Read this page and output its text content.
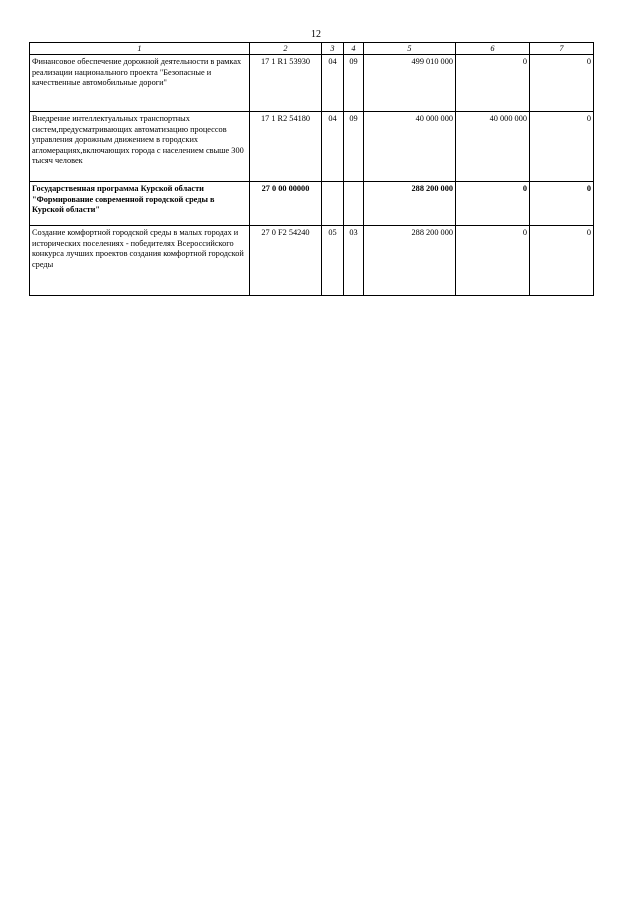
12
1	2	3	4	5	6	7
Финансовое обеспечение дорожной деятельности в рамках реализации национального проекта "Безопасные и качественные автомобильные дороги"	17 1 R1 53930	04	09	499 010 000	0	0
Внедрение интеллектуальных транспортных систем,предусматривающих автоматизацию процессов управления дорожным движением в городских агломерациях,включающих города с населением свыше 300 тысяч человек	17 1 R2 54180	04	09	40 000 000	40 000 000	0
Государственная программа Курской области "Формирование современной городской среды в Курской области"	27 0 00 00000			288 200 000	0	0
Создание комфортной городской среды в малых городах и исторических поселениях - победителях Всероссийского конкурса лучших проектов создания комфортной городской среды	27 0 F2 54240	05	03	288 200 000	0	0
